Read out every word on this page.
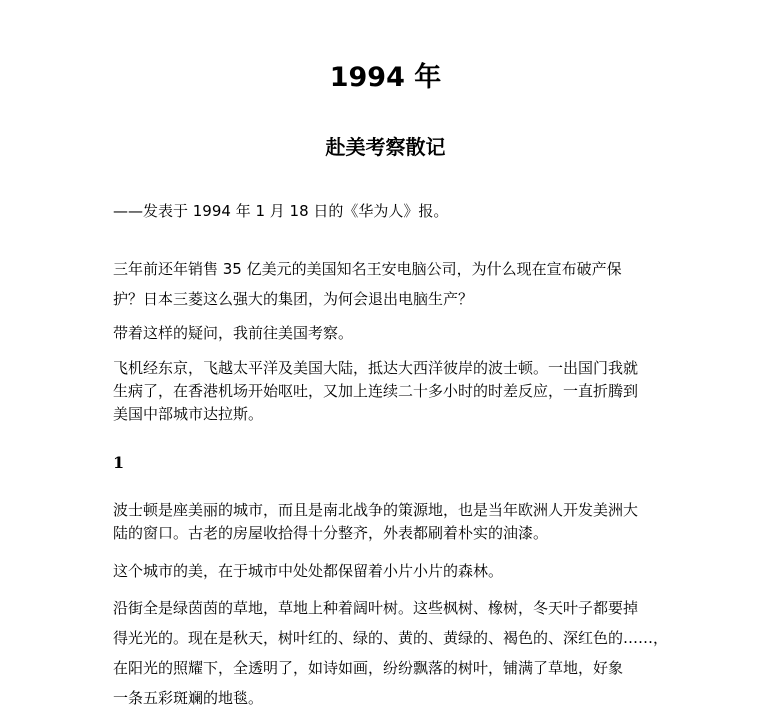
1994 年
赴美考察散记

——发表于 1994 年 1 月 18 日的《华为人》报。

三年前还年销售 35 亿美元的美国知名王安电脑公司，为什么现在宣布破产保
护？日本三菱这么强大的集团，为何会退出电脑生产？

带着这样的疑问，我前往美国考察。

飞机经东京，飞越太平洋及美国大陆，抵达大西洋彼岸的波士顿。一出国门我就
生病了，在香港机场开始呕吐，又加上连续二十多小时的时差反应，一直折腾到
美国中部城市达拉斯。

1

波士顿是座美丽的城市，而且是南北战争的策源地，也是当年欧洲人开发美洲大
陆的窗口。古老的房屋收拾得十分整齐，外表都刷着朴实的油漆。

这个城市的美，在于城市中处处都保留着小片小片的森林。

沿街全是绿茵茵的草地，草地上种着阔叶树。这些枫树、橡树，冬天叶子都要掉
得光光的。现在是秋天，树叶红的、绿的、黄的、黄绿的、褐色的、深红色的……，
在阳光的照耀下，全透明了，如诗如画，纷纷飘落的树叶，铺满了草地，好象
一条五彩斑斓的地毯。
